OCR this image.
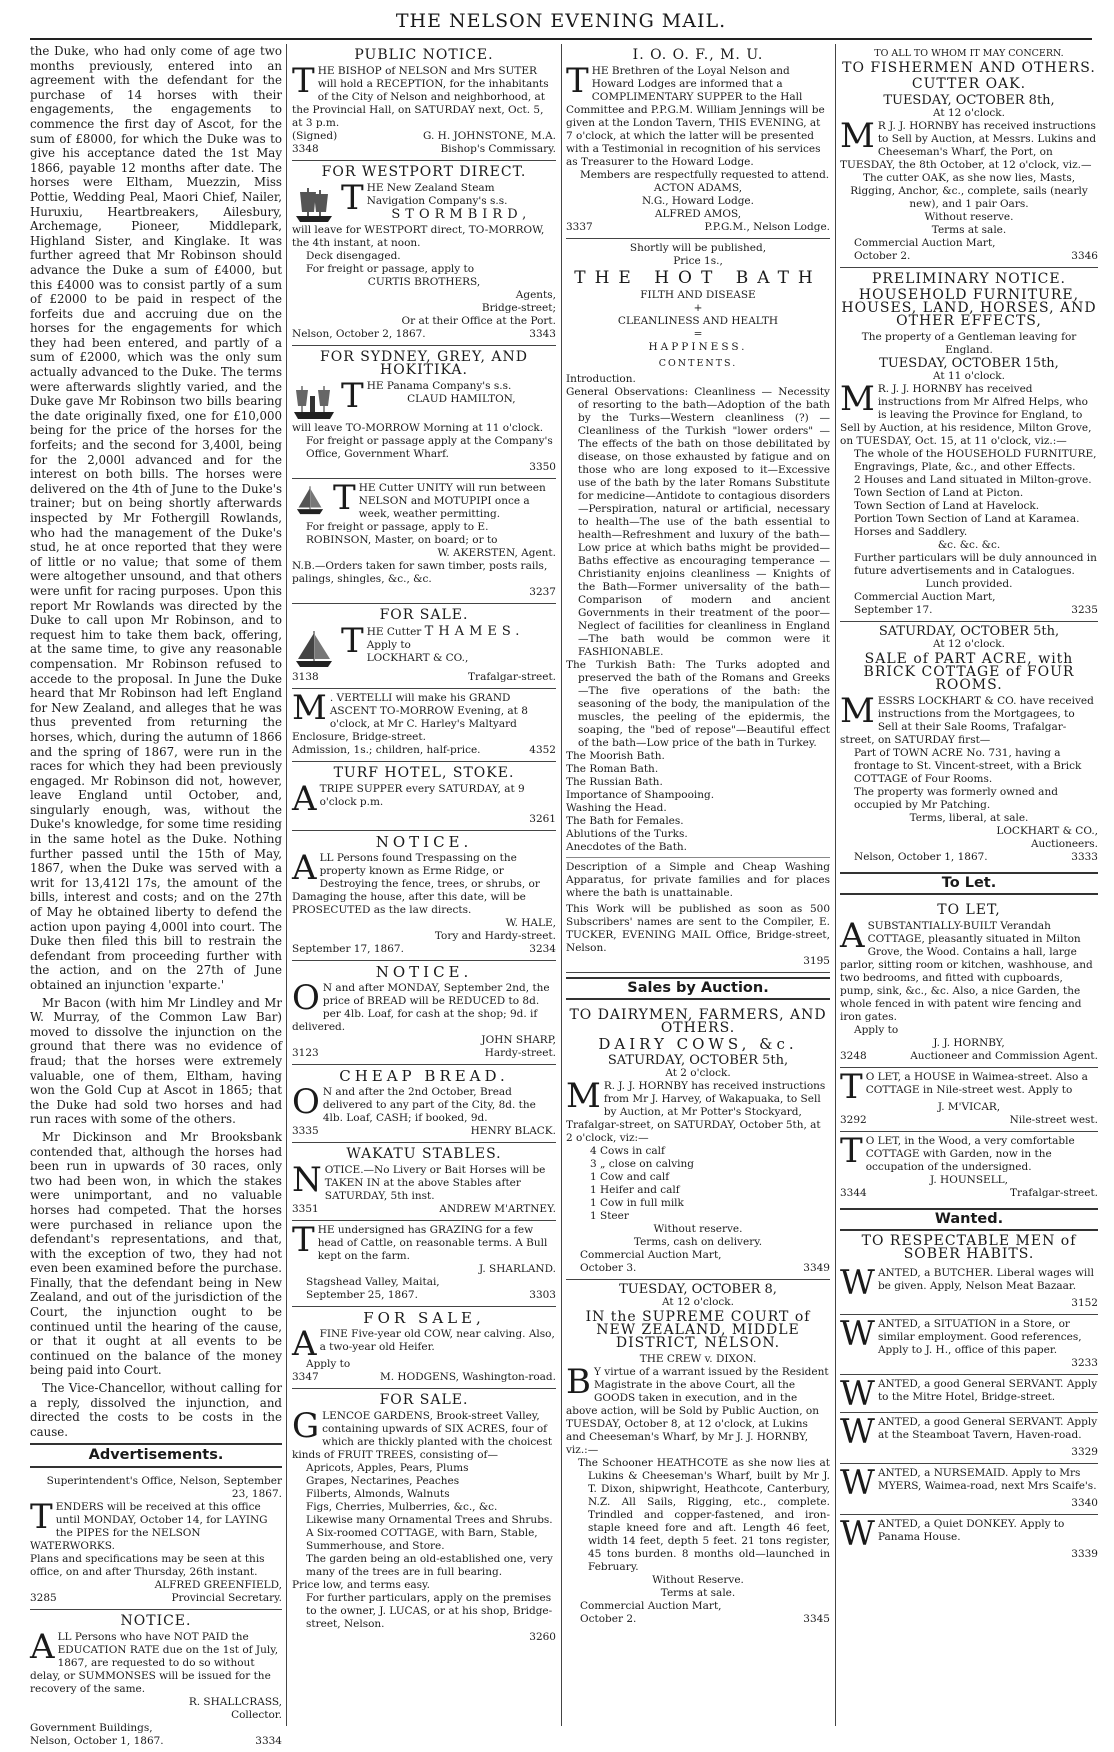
THE NELSON EVENING MAIL.

the Duke, who had only come of age two months previously, entered into an agreement with the defendant for the purchase of 14 horses with their engagements, the engagements to commence the first day of Ascot, for the sum of £8000, for which the Duke was to give his acceptance dated the 1st May 1866, payable 12 months after date. The horses were Eltham, Muezzin, Miss Pottie, Wedding Peal, Maori Chief, Nailer, Huruxiu, Heartbreakers, Ailesbury, Archemage, Pioneer, Middlepark, Highland Sister, and Kinglake. It was further agreed that Mr Robinson should advance the Duke a sum of £4000, but this £4000 was to consist partly of a sum of £2000 to be paid in respect of the forfeits due and accruing due on the horses for the engagements for which they had been entered, and partly of a sum of £2000, which was the only sum actually advanced to the Duke. The terms were afterwards slightly varied, and the Duke gave Mr Robinson two bills bearing the date originally fixed, one for £10,000 being for the price of the horses for the forfeits; and the second for 3,400l, being for the 2,000l advanced and for the interest on both bills. The horses were delivered on the 4th of June to the Duke's trainer; but on being shortly afterwards inspected by Mr Fothergill Rowlands, who had the management of the Duke's stud, he at once reported that they were of little or no value; that some of them were altogether unsound, and that others were unfit for racing purposes. Upon this report Mr Rowlands was directed by the Duke to call upon Mr Robinson, and to request him to take them back, offering, at the same time, to give any reasonable compensation. Mr Robinson refused to accede to the proposal. In June the Duke heard that Mr Robinson had left England for New Zealand, and alleges that he was thus prevented from returning the horses, which, during the autumn of 1866 and the spring of 1867, were run in the races for which they had been previously engaged. Mr Robinson did not, however, leave England until October, and, singularly enough, was, without the Duke's knowledge, for some time residing in the same hotel as the Duke. Nothing further passed until the 15th of May, 1867, when the Duke was served with a writ for 13,412l 17s, the amount of the bills, interest and costs; and on the 27th of May he obtained liberty to defend the action upon paying 4,000l into court. The Duke then filed this bill to restrain the defendant from proceeding further with the action, and on the 27th of June obtained an injunction 'exparte.'

Mr Bacon (with him Mr Lindley and Mr W. Murray, of the Common Law Bar) moved to dissolve the injunction on the ground that there was no evidence of fraud; that the horses were extremely valuable, one of them, Eltham, having won the Gold Cup at Ascot in 1865; that the Duke had sold two horses and had run races with some of the others.

Mr Dickinson and Mr Brooksbank contended that, although the horses had been run in upwards of 30 races, only two had been won, in which the stakes were unimportant, and no valuable horses had competed. That the horses were purchased in reliance upon the defendant's representations, and that, with the exception of two, they had not even been examined before the purchase. Finally, that the defendant being in New Zealand, and out of the jurisdiction of the Court, the injunction ought to be continued until the hearing of the cause, or that it ought at all events to be continued on the balance of the money being paid into Court.

The Vice-Chancellor, without calling for a reply, dissolved the injunction, and directed the costs to be costs in the cause.

Advertisements.
Superintendent's Office, Nelson, September 23, 1867.
TENDERS will be received at this office until MONDAY, October 14, for LAYING the PIPES for the NELSON WATERWORKS.
Plans and specifications may be seen at this office, on and after Thursday, 26th instant.
ALFRED GREENFIELD,
3285	Provincial Secretary.
NOTICE.
ALL Persons who have NOT PAID the EDUCATION RATE due on the 1st of July, 1867, are requested to do so without delay, or SUMMONSES will be issued for the recovery of the same.
R. SHALLCRASS,
Collector.
Government Buildings,
Nelson, October 1, 1867.	3334
PUBLIC NOTICE.
THE BISHOP of NELSON and Mrs SUTER will hold a RECEPTION, for the inhabitants of the City of Nelson and neighborhood, at the Provincial Hall, on SATURDAY next, Oct. 5, at 3 p.m.
(Signed)	G. H. JOHNSTONE, M.A.
3348	Bishop's Commissary.
FOR WESTPORT DIRECT.
THE New Zealand Steam Navigation Company's s.s.
STORMBIRD,
will leave for WESTPORT direct, TO-MORROW, the 4th instant, at noon.
Deck disengaged.
For freight or passage, apply to
CURTIS BROTHERS,
Agents,
Bridge-street;
Or at their Office at the Port.
Nelson, October 2, 1867.	3343
FOR SYDNEY, GREY, AND HOKITIKA.
THE Panama Company's s.s.
CLAUD HAMILTON,
will leave TO-MORROW Morning at 11 o'clock.
For freight or passage apply at the Company's Office, Government Wharf.
3350
THE Cutter UNITY will run between NELSON and MOTUPIPI once a week, weather permitting.
For freight or passage, apply to E. ROBINSON, Master, on board; or to
W. AKERSTEN, Agent.
N.B.—Orders taken for sawn timber, posts rails, palings, shingles, &c., &c.
3237
FOR SALE.
THE Cutter THAMES.
Apply to
LOCKHART & CO.,
3138	Trafalgar-street.
M . VERTELLI will make his GRAND ASCENT TO-MORROW Evening, at 8 o'clock, at Mr C. Harley's Maltyard Enclosure, Bridge-street.
Admission, 1s.; children, half-price.	4352
TURF HOTEL, STOKE.
ATRIPE SUPPER every SATURDAY, at 9 o'clock p.m.
3261
NOTICE.
ALL Persons found Trespassing on the property known as Erme Ridge, or Destroying the fence, trees, or shrubs, or Damaging the house, after this date, will be PROSECUTED as the law directs.
W. HALE,
Tory and Hardy-street.
September 17, 1867.	3234
NOTICE.
O N and after MONDAY, September 2nd, the price of BREAD will be REDUCED to 8d. per 4lb. Loaf, for cash at the shop; 9d. if delivered.
JOHN SHARP,
3123	Hardy-street.
CHEAP BREAD.
O N and after the 2nd October, Bread delivered to any part of the City, 8d. the 4lb. Loaf, CASH; if booked, 9d.
3335	HENRY BLACK.
WAKATU STABLES.
NOTICE.—No Livery or Bait Horses will be TAKEN IN at the above Stables after SATURDAY, 5th inst.
3351	ANDREW M'ARTNEY.
THE undersigned has GRAZING for a few head of Cattle, on reasonable terms. A Bull kept on the farm.
J. SHARLAND.
Stagshead Valley, Maitai,
September 25, 1867.	3303
FOR SALE,
AFINE Five-year old COW, near calving. Also, a two-year old Heifer.
Apply to
3347	M. HODGENS, Washington-road.
FOR SALE.
GLENCOE GARDENS, Brook-street Valley, containing upwards of SIX ACRES, four of which are thickly planted with the choicest kinds of FRUIT TREES, consisting of—
Apricots, Apples, Pears, Plums
Grapes, Nectarines, Peaches
Filberts, Almonds, Walnuts
Figs, Cherries, Mulberries, &c., &c.
Likewise many Ornamental Trees and Shrubs.
A Six-roomed COTTAGE, with Barn, Stable, Summerhouse, and Store.
The garden being an old-established one, very many of the trees are in full bearing.
Price low, and terms easy.
For further particulars, apply on the premises to the owner, J. LUCAS, or at his shop, Bridge-street, Nelson.
3260
I. O. O. F., M. U.
THE Brethren of the Loyal Nelson and Howard Lodges are informed that a COMPLIMENTARY SUPPER to the Hall Committee and P.P.G.M. William Jennings will be given at the London Tavern, THIS EVENING, at 7 o'clock, at which the latter will be presented with a Testimonial in recognition of his services as Treasurer to the Howard Lodge.
Members are respectfully requested to attend.
ACTON ADAMS,
N.G., Howard Lodge.
ALFRED AMOS,
3337	P.P.G.M., Nelson Lodge.
Shortly will be published,
Price 1s.,
THE HOT BATH
FILTH AND DISEASE
+
CLEANLINESS AND HEALTH
=
HAPPINESS.
CONTENTS.
Introduction.
General Observations: Cleanliness — Necessity of resorting to the bath—Adoption of the bath by the Turks—Western cleanliness (?) —Cleanliness of the Turkish "lower orders" —The effects of the bath on those debilitated by disease, on those exhausted by fatigue and on those who are long exposed to it—Excessive use of the bath by the later Romans Substitute for medicine—Antidote to contagious disorders—Perspiration, natural or artificial, necessary to health—The use of the bath essential to health—Refreshment and luxury of the bath—Low price at which baths might be provided—Baths effective as encouraging temperance — Christianity enjoins cleanliness — Knights of the Bath—Former universality of the bath—Comparison of modern and ancient Governments in their treatment of the poor—Neglect of facilities for cleanliness in England—The bath would be common were it FASHIONABLE.
The Turkish Bath: The Turks adopted and preserved the bath of the Romans and Greeks—The five operations of the bath: the seasoning of the body, the manipulation of the muscles, the peeling of the epidermis, the soaping, the "bed of repose"—Beautiful effect of the bath—Low price of the bath in Turkey.
The Moorish Bath.
The Roman Bath.
The Russian Bath.
Importance of Shampooing.
Washing the Head.
The Bath for Females.
Ablutions of the Turks.
Anecdotes of the Bath.
Description of a Simple and Cheap Washing Apparatus, for private families and for places where the bath is unattainable.
This Work will be published as soon as 500 Subscribers' names are sent to the Compiler, E. TUCKER, EVENING MAIL Office, Bridge-street, Nelson.
3195
Sales by Auction.
TO DAIRYMEN, FARMERS, AND OTHERS.
DAIRY COWS, &c.
SATURDAY, OCTOBER 5th,
At 2 o'clock.
M R. J. J. HORNBY has received instructions from Mr J. Harvey, of Wakapuaka, to Sell by Auction, at Mr Potter's Stockyard, Trafalgar-street, on SATURDAY, October 5th, at 2 o'clock, viz:—
4 Cows in calf
3 „ close on calving
1 Cow and calf
1 Heifer and calf
1 Cow in full milk
1 Steer
Without reserve.
Terms, cash on delivery.
Commercial Auction Mart,
October 3.	3349
TUESDAY, OCTOBER 8,
At 12 o'clock.
IN the SUPREME COURT of NEW ZEALAND, MIDDLE DISTRICT, NELSON.
THE CREW v. DIXON.
B Y virtue of a warrant issued by the Resident Magistrate in the above Court, all the GOODS taken in execution, and in the above action, will be Sold by Public Auction, on TUESDAY, October 8, at 12 o'clock, at Lukins and Cheeseman's Wharf, by Mr J. J. HORNBY, viz.:—
The Schooner HEATHCOTE as she now lies at Lukins & Cheeseman's Wharf, built by Mr J. T. Dixon, shipwright, Heathcote, Canterbury, N.Z. All Sails, Rigging, etc., complete. Trindled and copper-fastened, and iron-staple kneed fore and aft. Length 46 feet, width 14 feet, depth 5 feet. 21 tons register, 45 tons burden. 8 months old—launched in February.
Without Reserve.
Terms at sale.
Commercial Auction Mart,
October 2.	3345
TO ALL TO WHOM IT MAY CONCERN.
TO FISHERMEN AND OTHERS.
CUTTER OAK.
TUESDAY, OCTOBER 8th,
At 12 o'clock.
M R J. J. HORNBY has received instructions to Sell by Auction, at Messrs. Lukins and Cheeseman's Wharf, the Port, on TUESDAY, the 8th October, at 12 o'clock, viz.—
The cutter OAK, as she now lies, Masts, Rigging, Anchor, &c., complete, sails (nearly new), and 1 pair Oars.
Without reserve.
Terms at sale.
Commercial Auction Mart,
October 2.	3346
PRELIMINARY NOTICE.
HOUSEHOLD FURNITURE, HOUSES, LAND, HORSES, AND OTHER EFFECTS,
The property of a Gentleman leaving for England.
TUESDAY, OCTOBER 15th,
At 11 o'clock.
M R. J. J. HORNBY has received instructions from Mr Alfred Helps, who is leaving the Province for England, to Sell by Auction, at his residence, Milton Grove, on TUESDAY, Oct. 15, at 11 o'clock, viz.:—
The whole of the HOUSEHOLD FURNITURE, Engravings, Plate, &c., and other Effects.
2 Houses and Land situated in Milton-grove.
Town Section of Land at Picton.
Town Section of Land at Havelock.
Portion Town Section of Land at Karamea.
Horses and Saddlery.
&c. &c. &c.
Further particulars will be duly announced in future advertisements and in Catalogues.
Lunch provided.
Commercial Auction Mart,
September 17.	3235
SATURDAY, OCTOBER 5th,
At 12 o'clock.
SALE of PART ACRE, with BRICK COTTAGE of FOUR ROOMS.
MESSRS LOCKHART & CO. have received instructions from the Mortgagees, to Sell at their Sale Rooms, Trafalgar-street, on SATURDAY first—
Part of TOWN ACRE No. 731, having a frontage to St. Vincent-street, with a Brick COTTAGE of Four Rooms.
The property was formerly owned and occupied by Mr Patching.
Terms, liberal, at sale.
LOCKHART & CO.,
Auctioneers.
Nelson, October 1, 1867.	3333
To Let.
TO LET,
ASUBSTANTIALLY-BUILT Verandah COTTAGE, pleasantly situated in Milton Grove, the Wood. Contains a hall, large parlor, sitting room or kitchen, washhouse, and two bedrooms, and fitted with cupboards, pump, sink, &c., &c. Also, a nice Garden, the whole fenced in with patent wire fencing and iron gates.
Apply to
J. J. HORNBY,
3248	Auctioneer and Commission Agent.
T O LET, a HOUSE in Waimea-street. Also a COTTAGE in Nile-street west. Apply to
J. M'VICAR,
3292	Nile-street west.
T O LET, in the Wood, a very comfortable COTTAGE with Garden, now in the occupation of the undersigned.
J. HOUNSELL,
3344	Trafalgar-street.
Wanted.
TO RESPECTABLE MEN of SOBER HABITS.
WANTED, a BUTCHER. Liberal wages will be given. Apply, Nelson Meat Bazaar.
3152
WANTED, a SITUATION in a Store, or similar employment. Good references, Apply to J. H., office of this paper.
3233
WANTED, a good General SERVANT. Apply to the Mitre Hotel, Bridge-street.
WANTED, a good General SERVANT. Apply at the Steamboat Tavern, Haven-road.
3329
WANTED, a NURSEMAID. Apply to Mrs MYERS, Waimea-road, next Mrs Scaife's.
3340
WANTED, a Quiet DONKEY. Apply to Panama House.
3339
